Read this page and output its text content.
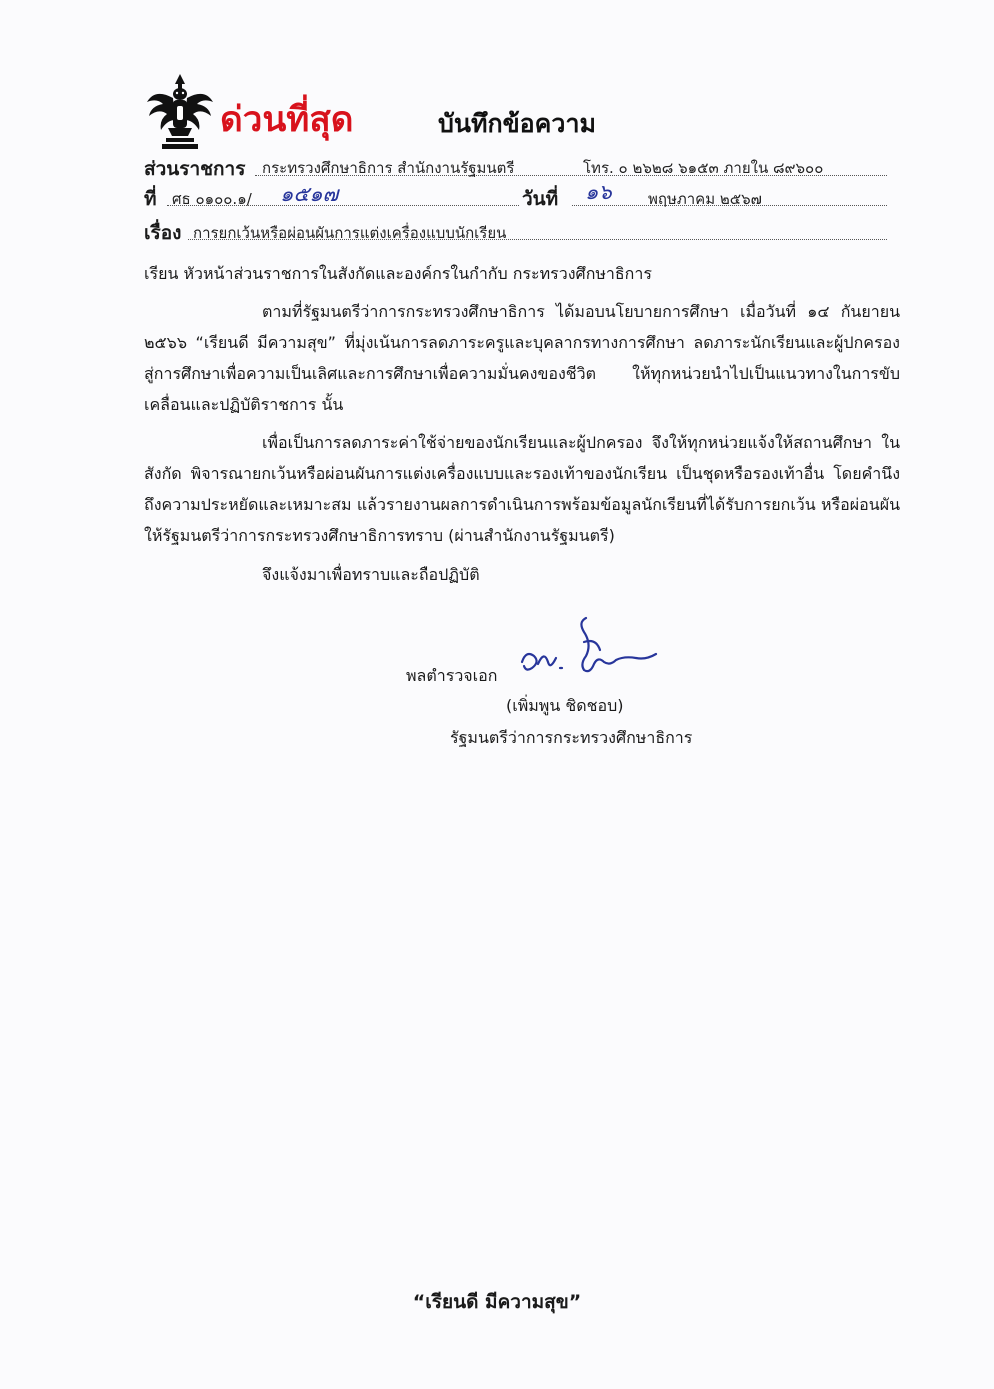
ด่วนที่สุด	บันทึกข้อความ
ส่วนราชการ กระทรวงศึกษาธิการ สำนักงานรัฐมนตรี	โทร. ๐ ๒๖๒๘ ๖๑๕๓ ภายใน ๘๙๖๐๐
ที่ ศธ ๐๑๐๐.๑/ ๑๕๑๗	วันที่ ๑๖ พฤษภาคม ๒๕๖๗
เรื่อง การยกเว้นหรือผ่อนผันการแต่งเครื่องแบบนักเรียน
เรียน หัวหน้าส่วนราชการในสังกัดและองค์กรในกำกับ กระทรวงศึกษาธิการ
ตามที่รัฐมนตรีว่าการกระทรวงศึกษาธิการ ได้มอบนโยบายการศึกษา เมื่อวันที่ ๑๔ กันยายน ๒๕๖๖ “เรียนดี มีความสุข” ที่มุ่งเน้นการลดภาระครูและบุคลากรทางการศึกษา ลดภาระนักเรียนและผู้ปกครอง สู่การศึกษาเพื่อความเป็นเลิศและการศึกษาเพื่อความมั่นคงของชีวิต ให้ทุกหน่วยนำไปเป็นแนวทางในการขับเคลื่อนและปฏิบัติราชการ นั้น
เพื่อเป็นการลดภาระค่าใช้จ่ายของนักเรียนและผู้ปกครอง จึงให้ทุกหน่วยแจ้งให้สถานศึกษา ในสังกัด พิจารณายกเว้นหรือผ่อนผันการแต่งเครื่องแบบและรองเท้าของนักเรียน เป็นชุดหรือรองเท้าอื่น โดยคำนึงถึงความประหยัดและเหมาะสม แล้วรายงานผลการดำเนินการพร้อมข้อมูลนักเรียนที่ได้รับการยกเว้น หรือผ่อนผัน ให้รัฐมนตรีว่าการกระทรวงศึกษาธิการทราบ (ผ่านสำนักงานรัฐมนตรี)
จึงแจ้งมาเพื่อทราบและถือปฏิบัติ
พลตำรวจเอก
(เพิ่มพูน ชิดชอบ)
รัฐมนตรีว่าการกระทรวงศึกษาธิการ
“เรียนดี มีความสุข”
